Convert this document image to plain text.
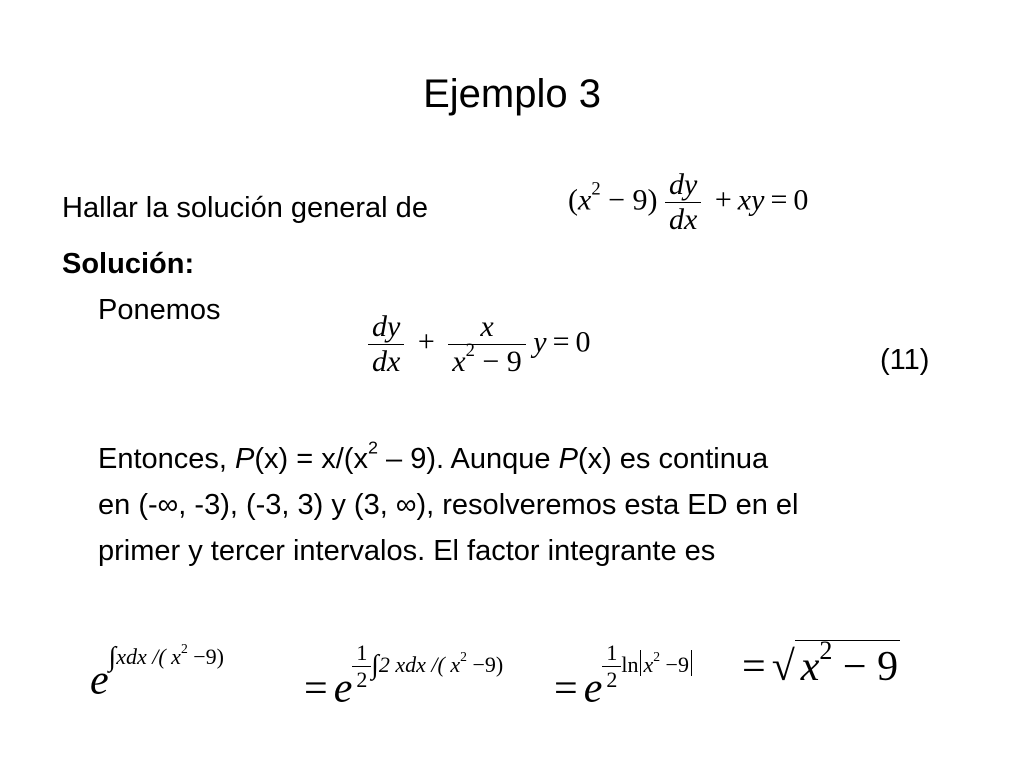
Ejemplo 3
Hallar la solución general de	$(x^2 - 9) \frac{dy}{dx}$ + xy = 0
Solución:
Ponemos	$\frac{dy}{dx} + \frac{x}{x^2 - 9}$ y = 0
(11)
Entonces, $P(x) = x/(x^2 - 9)$. Aunque P(x) es continua
en (-∞, -3), (-3, 3) y (3, ∞), resolveremos esta ED en el
primer y tercer intervalos. El factor integrante es
$e^{\int xdx /( x^2 -9)}$
= e $^{\frac{1}{2} \int 2 xdx /( x^2 -9)}$
= e $^{\frac{1}{2} ln x^2 -9}$ = √ $x^2 - 9$
